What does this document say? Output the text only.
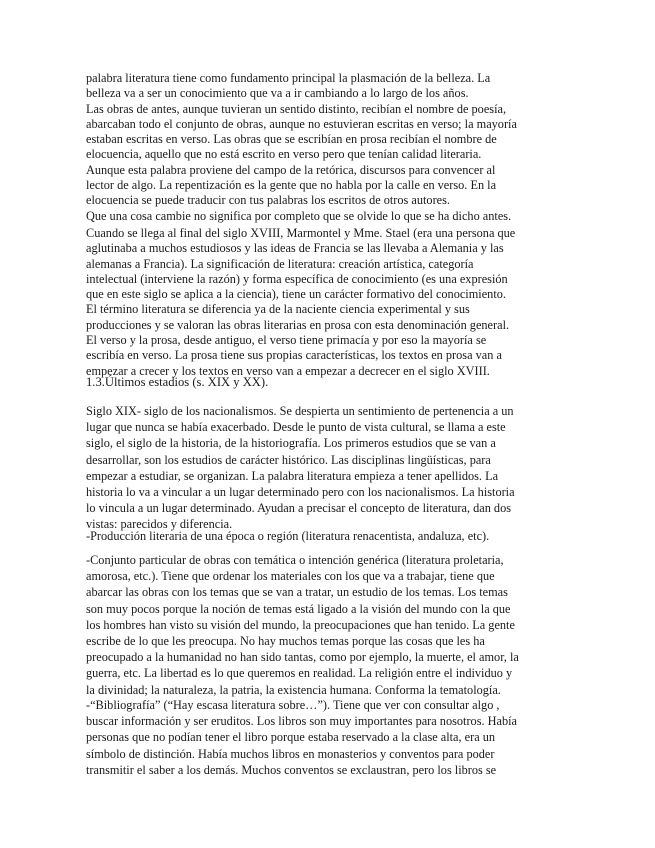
palabra literatura tiene como fundamento principal la plasmación de la belleza. La
belleza va a ser un conocimiento que va a ir cambiando a lo largo de los años.
Las obras de antes, aunque tuvieran un sentido distinto, recibían el nombre de poesía,
abarcaban todo el conjunto de obras, aunque no estuvieran escritas en verso; la mayoría
estaban escritas en verso. Las obras que se escribían en prosa recibían el nombre de
elocuencia, aquello que no está escrito en verso pero que tenían calidad literaria.
Aunque esta palabra proviene del campo de la retórica, discursos para convencer al
lector de algo. La repentización es la gente que no habla por la calle en verso. En la
elocuencia se puede traducir con tus palabras los escritos de otros autores.
Que una cosa cambie no significa por completo que se olvide lo que se ha dicho antes.
Cuando se llega al final del siglo XVIII, Marmontel y Mme. Stael (era una persona que
aglutinaba a muchos estudiosos y las ideas de Francia se las llevaba a Alemania y las
alemanas a Francia). La significación de literatura: creación artística, categoría
intelectual (interviene la razón) y forma específica de conocimiento (es una expresión
que en este siglo se aplica a la ciencia), tiene un carácter formativo del conocimiento.
El término literatura se diferencia ya de la naciente ciencia experimental y sus
producciones y se valoran las obras literarias en prosa con esta denominación general.
El verso y la prosa, desde antiguo, el verso tiene primacía y por eso la mayoría se
escribía en verso. La prosa tiene sus propias características, los textos en prosa van a
empezar a crecer y los textos en verso van a empezar a decrecer en el siglo XVIII.
1.3.Últimos estadios (s. XIX y XX).
Siglo XIX- siglo de los nacionalismos. Se despierta un sentimiento de pertenencia a un
lugar que nunca se había exacerbado. Desde le punto de vista cultural, se llama a este
siglo, el siglo de la historia, de la historiografía. Los primeros estudios que se van a
desarrollar, son los estudios de carácter histórico. Las disciplinas lingüísticas, para
empezar a estudiar, se organizan. La palabra literatura empieza a tener apellidos. La
historia lo va a vincular a un lugar determinado pero con los nacionalismos. La historia
lo vincula a un lugar determinado. Ayudan a precisar el concepto de literatura, dan dos
vistas: parecidos y diferencia.
-Producción literaria de una época o región (literatura renacentista, andaluza, etc).
-Conjunto particular de obras con temática o intención genérica (literatura proletaria,
amorosa, etc.). Tiene que ordenar los materiales con los que va a trabajar, tiene que
abarcar las obras con los temas que se van a tratar, un estudio de los temas. Los temas
son muy pocos porque la noción de temas está ligado a la visión del mundo con la que
los hombres han visto su visión del mundo, la preocupaciones que han tenido. La gente
escribe de lo que les preocupa. No hay muchos temas porque las cosas que les ha
preocupado a la humanidad no han sido tantas, como por ejemplo, la muerte, el amor, la
guerra, etc. La libertad es lo que queremos en realidad. La religión entre el individuo y
la divinidad; la naturaleza, la patria, la existencia humana. Conforma la tematología.
-“Bibliografía” (“Hay escasa literatura sobre…”). Tiene que ver con consultar algo ,
buscar información y ser eruditos. Los libros son muy importantes para nosotros. Había
personas que no podían tener el libro porque estaba reservado a la clase alta, era un
símbolo de distinción. Había muchos libros en monasterios y conventos para poder
transmitir el saber a los demás. Muchos conventos se exclaustran, pero los libros se
